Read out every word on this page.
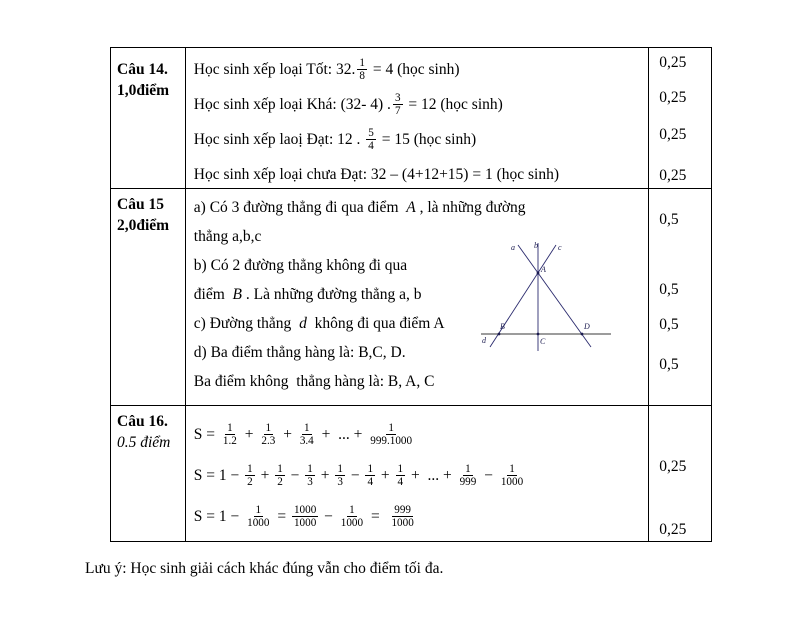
Câu 14.
1,0điểm
Học sinh xếp loại Tốt: 32. $\frac{1}{8} = 4$ (học sinh)
Học sinh xếp loại Khá: (32- 4) . $\frac{3}{7} = 12$ (học sinh)
Học sinh xếp laoị Đạt: 12 . $\frac{5}{4} = 15$ (học sinh)
Học sinh xếp loại chưa Đạt: 32 – (4+12+15) = 1 (học sinh)
0,25
0,25
0,25
0,25
Câu 15
2,0điểm
a) Có 3 đường thẳng đi qua điểm A , là những đường
thẳng a,b,c
b) Có 2 đường thẳng không đi qua
điểm B . Là những đường thẳng a, b
c) Đường thẳng d không đi qua điểm A
d) Ba điểm thẳng hàng là: B,C, D.
Ba điểm không  thẳng hàng là: B, A, C
a b	c
A
B
C
D
d
0,5
0,5
0,5
0,5
Câu 16.
0.5 điểm	$S = \frac{1}{1.2} + \frac{1}{2.3} + \frac{1}{3.4}$ +  ... + $\frac{1}{999.1000}$
$S = 1 - \frac{1}{2} + \frac{1}{2} - \frac{1}{3} + \frac{1}{3} - \frac{1}{4} + \frac{1}{4}$ +  ... + $\frac{1}{999} - \frac{1}{1000}$
$S = 1 - \frac{1}{1000} = \frac{1000}{1000} - \frac{1}{1000} = \frac{999}{1000}$
0,25
0,25
Lưu ý: Học sinh giải cách khác đúng vẫn cho điểm tối đa.
